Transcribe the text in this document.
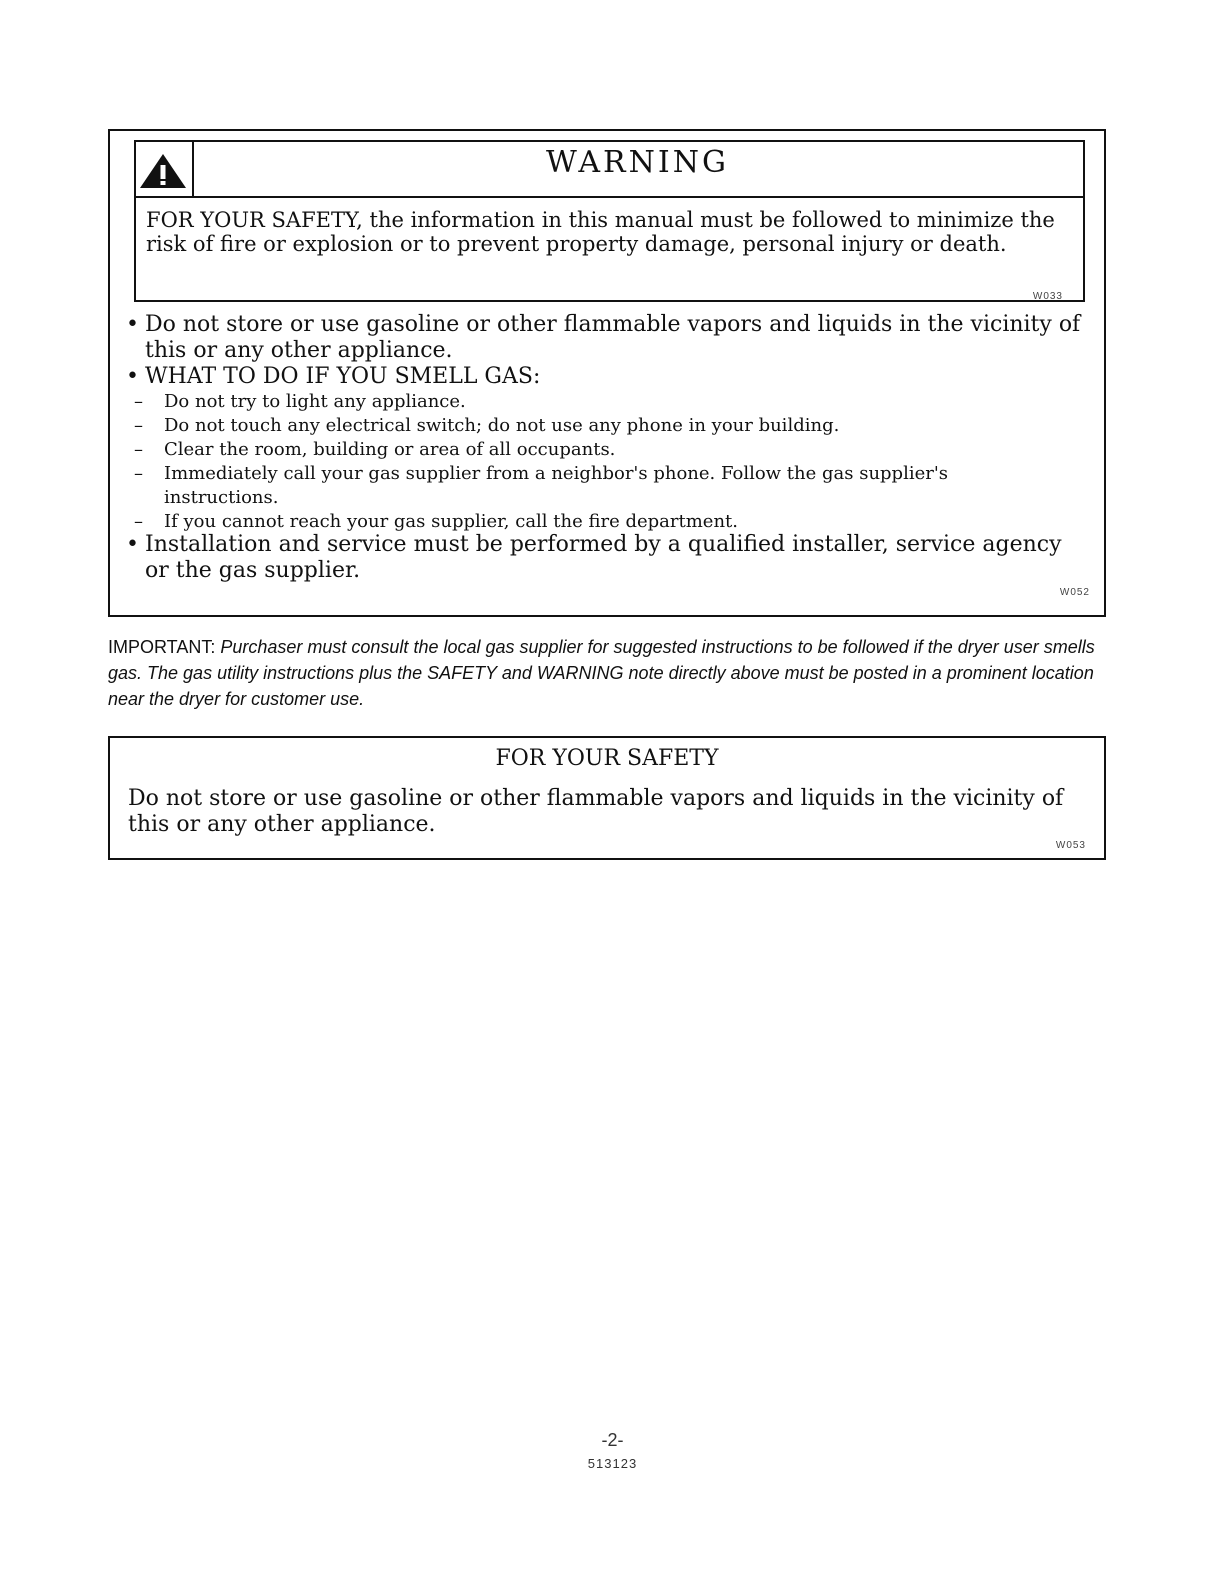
WARNING
FOR YOUR SAFETY, the information in this manual must be followed to minimize the risk of fire or explosion or to prevent property damage, personal injury or death.
W033
• Do not store or use gasoline or other flammable vapors and liquids in the vicinity of this or any other appliance.
• WHAT TO DO IF YOU SMELL GAS:
–	Do not try to light any appliance.
–	Do not touch any electrical switch; do not use any phone in your building.
–	Clear the room, building or area of all occupants.
–	Immediately call your gas supplier from a neighbor's phone. Follow the gas supplier's instructions.
–	If you cannot reach your gas supplier, call the fire department.
• Installation and service must be performed by a qualified installer, service agency or the gas supplier.
W052
IMPORTANT: Purchaser must consult the local gas supplier for suggested instructions to be followed if the dryer user smells gas. The gas utility instructions plus the SAFETY and WARNING note directly above must be posted in a prominent location near the dryer for customer use.
FOR YOUR SAFETY
Do not store or use gasoline or other flammable vapors and liquids in the vicinity of this or any other appliance.
W053
-2-
513123
